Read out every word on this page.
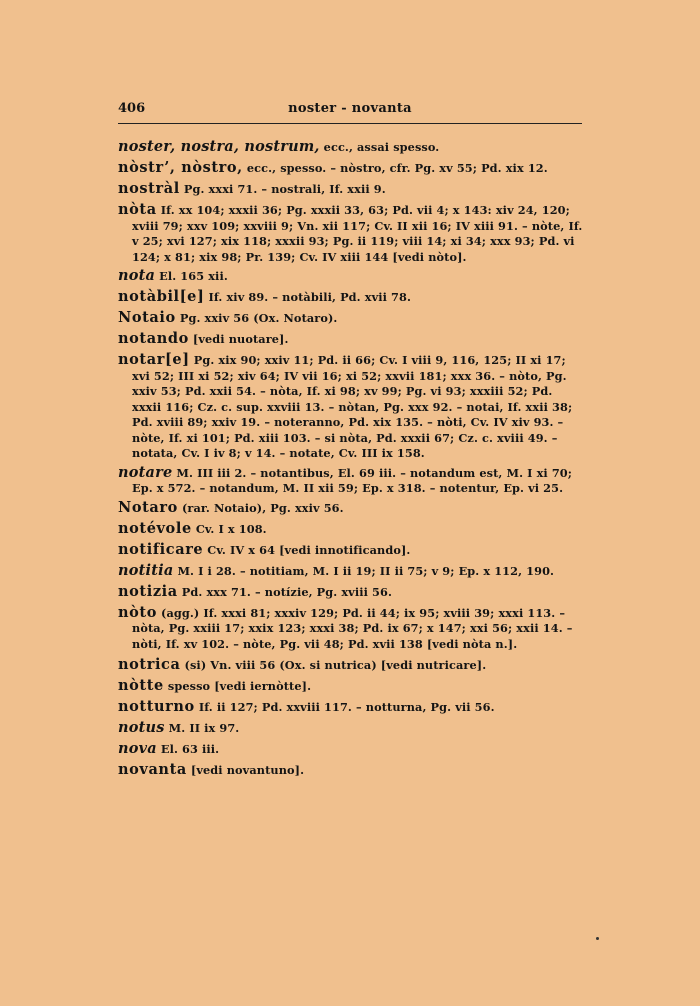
406	noster - novanta
noster, nostra, nostrum, ecc., assai spesso.
nòstr’, nòstro, ecc., spesso. – nòstro, cfr. Pg. xv 55; Pd. xix 12.
nostràl Pg. xxxi 71. – nostrali, If. xxii 9.
nòta If. xx 104; xxxii 36; Pg. xxxii 33, 63; Pd. vii 4; x 143: xiv 24, 120; xviii 79; xxv 109; xxviii 9; Vn. xii 117; Cv. II xii 16; IV xiii 91. – nòte, If. v 25; xvi 127; xix 118; xxxii 93; Pg. ii 119; viii 14; xi 34; xxx 93; Pd. vi 124; x 81; xix 98; Pr. 139; Cv. IV xiii 144 [vedi nòto].
nota El. 165 xii.
notàbil[e] If. xiv 89. – notàbili, Pd. xvii 78.
Notaio Pg. xxiv 56 (Ox. Notaro).
notando [vedi nuotare].
notar[e] Pg. xix 90; xxiv 11; Pd. ii 66; Cv. I viii 9, 116, 125; II xi 17; xvi 52; III xi 52; xiv 64; IV vii 16; xi 52; xxvii 181; xxx 36. – nòto, Pg. xxiv 53; Pd. xxii 54. – nòta, If. xi 98; xv 99; Pg. vi 93; xxxiii 52; Pd. xxxii 116; Cz. c. sup. xxviii 13. – nòtan, Pg. xxx 92. – notai, If. xxii 38; Pd. xviii 89; xxiv 19. – noteranno, Pd. xix 135. – nòti, Cv. IV xiv 93. – nòte, If. xi 101; Pd. xiii 103. – si nòta, Pd. xxxii 67; Cz. c. xviii 49. – notata, Cv. I iv 8; v 14. – notate, Cv. III ix 158.
notare M. III iii 2. – notantibus, El. 69 iii. – notandum est, M. I xi 70; Ep. x 572. – notandum, M. II xii 59; Ep. x 318. – notentur, Ep. vi 25.
Notaro (rar. Notaio), Pg. xxiv 56.
notévole Cv. I x 108.
notificare Cv. IV x 64 [vedi innotificando].
notitia M. I i 28. – notitiam, M. I ii 19; II ii 75; v 9; Ep. x 112, 190.
notizia Pd. xxx 71. – notízie, Pg. xviii 56.
nòto (agg.) If. xxxi 81; xxxiv 129; Pd. ii 44; ix 95; xviii 39; xxxi 113. – nòta, Pg. xxiii 17; xxix 123; xxxi 38; Pd. ix 67; x 147; xxi 56; xxii 14. – nòti, If. xv 102. – nòte, Pg. vii 48; Pd. xvii 138 [vedi nòta n.].
notrica (si) Vn. viii 56 (Ox. si nutrica) [vedi nutricare].
nòtte spesso [vedi iernòtte].
notturno If. ii 127; Pd. xxviii 117. – notturna, Pg. vii 56.
notus M. II ix 97.
nova El. 63 iii.
novanta [vedi novantuno].
